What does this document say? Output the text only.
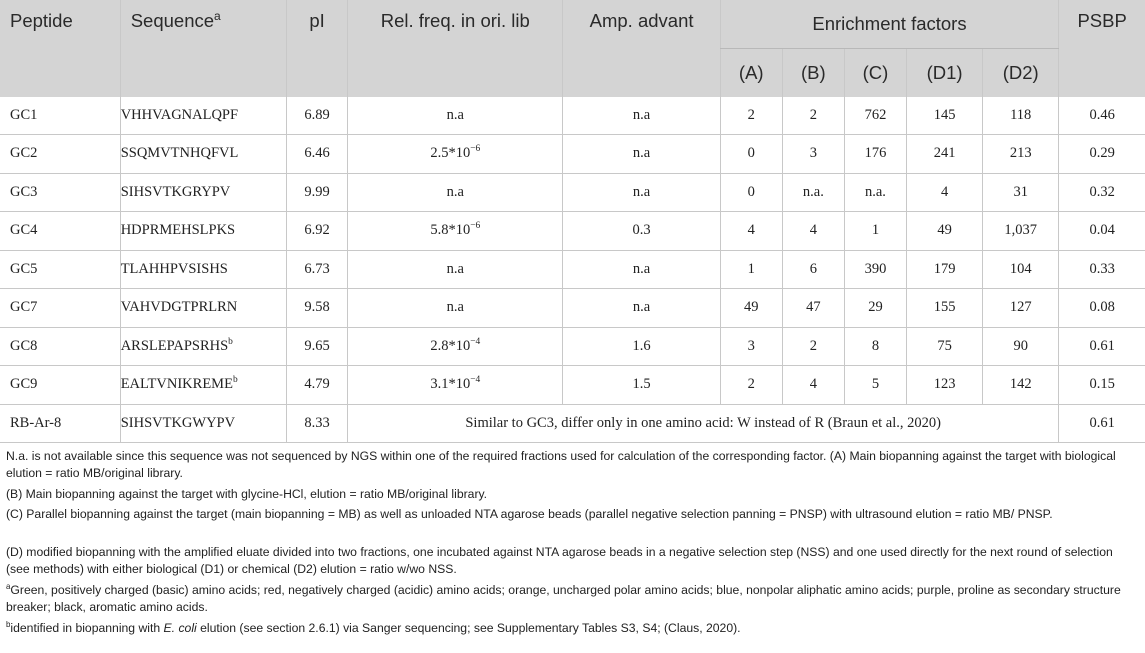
Peptide	Sequence$^a$	pI	Rel. freq. in ori. lib	Amp. advant	Enrichment factors					PSBP
					(A)	(B)	(C)	(D1)	(D2)	
GC1	VHHVAGNALQPF	6.89	n.a	n.a	2	2	762	145	118	0.46
GC2	SSQMVTNHQFVL	6.46	$2.5*10^{-6}$	n.a	0	3	176	241	213	0.29
GC3	SIHSVTKGRYPV	9.99	n.a	n.a	0	n.a.	n.a.	4	31	0.32
GC4	HDPRMEHSLPKS	6.92	$5.8*10^{-6}$	0.3	4	4	1	49	1,037	0.04
GC5	TLAHHPVSISHS	6.73	n.a	n.a	1	6	390	179	104	0.33
GC7	VAHVDGTPRLRN	9.58	n.a	n.a	49	47	29	155	127	0.08
GC8	ARSLEPAPSRHS$^b$	9.65	$2.8*10^{-4}$	1.6	3	2	8	75	90	0.61
GC9	EALTVNIKREME$^b$	4.79	$3.1*10^{-4}$	1.5	2	4	5	123	142	0.15
RB-Ar-8	SIHSVTKGWYPV	8.33	Similar to GC3, differ only in one amino acid: W instead of R (Braun et al., 2020)							0.61
N.a. is not available since this sequence was not sequenced by NGS within one of the required fractions used for calculation of the corresponding factor. (A) Main biopanning against the target with biological elution = ratio MB/original library.
(B) Main biopanning against the target with glycine-HCl, elution = ratio MB/original library.
(C) Parallel biopanning against the target (main biopanning = MB) as well as unloaded NTA agarose beads (parallel negative selection panning = PNSP) with ultrasound elution = ratio MB/ PNSP.
(D) modified biopanning with the amplified eluate divided into two fractions, one incubated against NTA agarose beads in a negative selection step (NSS) and one used directly for the next round of selection (see methods) with either biological (D1) or chemical (D2) elution = ratio w/wo NSS.
$^a$Green, positively charged (basic) amino acids; red, negatively charged (acidic) amino acids; orange, uncharged polar amino acids; blue, nonpolar aliphatic amino acids; purple, proline as secondary structure breaker; black, aromatic amino acids.
$^b$identified in biopanning with E. coli elution (see section 2.6.1) via Sanger sequencing; see Supplementary Tables S3, S4; (Claus, 2020).
